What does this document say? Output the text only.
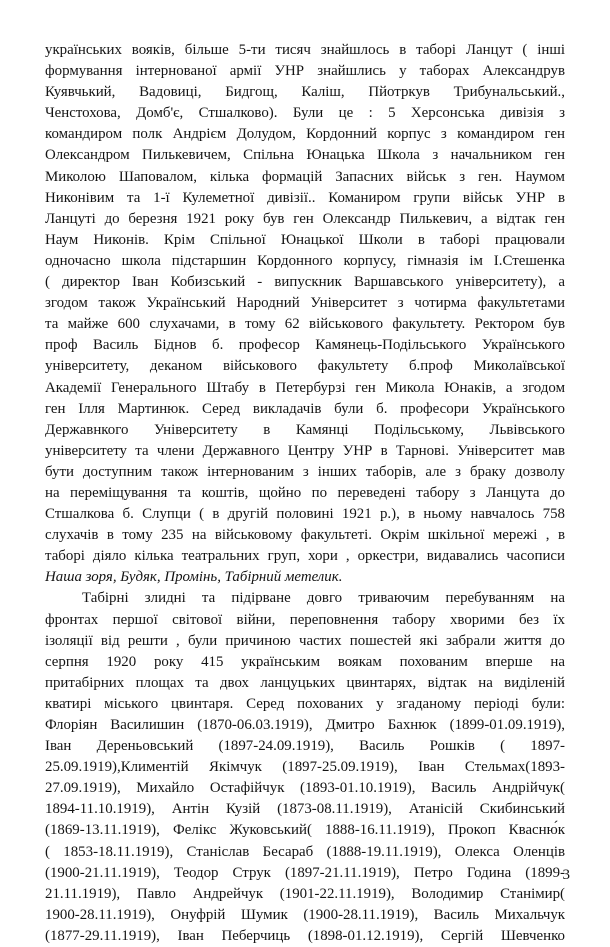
українських вояків, більше 5-ти тисяч знайшлось в таборі Ланцут ( інші
формування інтернованої армії УНР знайшлись у таборах Александрув
Куявчький, Вадовиці, Бидгощ, Каліш, Пйотркув Трибунальський.,
Ченстохова, Домб'є, Стшалково). Були це : 5 Херсонська дивізія з
командиром полк Андрієм Долудом, Кордонний корпус з командиром ген
Олександром Пилькевичем, Спільна Юнацька Школа з начальником ген
Миколою Шаповалом, кілька формацій Запасних військ з ген. Наумом
Никонівим та 1-ї Кулеметної дивізії.. Команиром групи військ УНР в
Ланцуті до березня 1921 року був ген Олександр Пилькевич, а відтак ген
Наум Никонів. Крім Спільної Юнацької Школи в таборі працювали
одночасно школа підстаршин Кордонного корпусу, гімназія ім І.Стешенка
( директор Іван Кобизський - випускник Варшавського університету), а
згодом також Український Народний Університет з чотирма факультетами
та майже 600 слухачами, в тому 62 військового факультету. Ректором був
проф Василь Біднов б. професор Камянець-Подільського Українського
університету, деканом військового факультету б.проф Миколаївської
Академії Генерального Штабу в Петербурзі ген Микола Юнаків, а згодом
ген Ілля Мартинюк. Серед викладачів були б. професори Українського
Державнкого Університету в Камянці Подільському, Львівського
університету та члени Державного Центру УНР в Тарнові. Університет мав
бути доступним також інтернованим з інших таборів, але з браку дозволу
на переміщування та коштів, щойно по переведені табору з Ланцута до
Стшалкова б. Слупци ( в другій половині 1921 р.), в ньому навчалось 758
слухачів в тому 235 на військовому факультеті. Окрім шкільної мережі , в
таборі діяло кілька театральних груп, хори , оркестри, видавались часописи
Наша зоря, Будяк, Промінь, Табірний метелик.
Табірні злидні та підірване довго триваючим перебуванням на
фронтах першої світової війни, переповнення табору хворими без їх
ізоляції від решти , були причиною частих пошестей які забрали життя до
серпня 1920 року 415 українським воякам похованим вперше на
притабірних площах та двох ланцуцьких цвинтарях, відтак на виділеній
кватирі міського цвинтаря. Серед похованих у згаданому періоді були:
Флоріян Василишин (1870-06.03.1919), Дмитро Бахнюк (1899-01.09.1919),
Іван Дереньовський (1897-24.09.1919), Василь Рошків ( 1897-
25.09.1919),Климентій Якімчук (1897-25.09.1919), Іван Стельмах(1893-
27.09.1919), Михайло Остафійчук (1893-01.10.1919), Василь Андрійчук(
1894-11.10.1919), Антін Кузій (1873-08.11.1919), Атанісій Скибинський
(1869-13.11.1919), Фелікс Жуковський( 1888-16.11.1919), Прокоп Квасню́к
( 1853-18.11.1919), Станіслав Бесараб (1888-19.11.1919), Олекса Оленців
(1900-21.11.1919), Теодор Струк (1897-21.11.1919), Петро Година (1899-
21.11.1919), Павло Андрейчук (1901-22.11.1919), Володимир Станімир(
1900-28.11.1919), Онуфрій Шумик (1900-28.11.1919), Василь Михальчук
(1877-29.11.1919), Іван Пеберчиць (1898-01.12.1919), Сергій Шевченко
3
